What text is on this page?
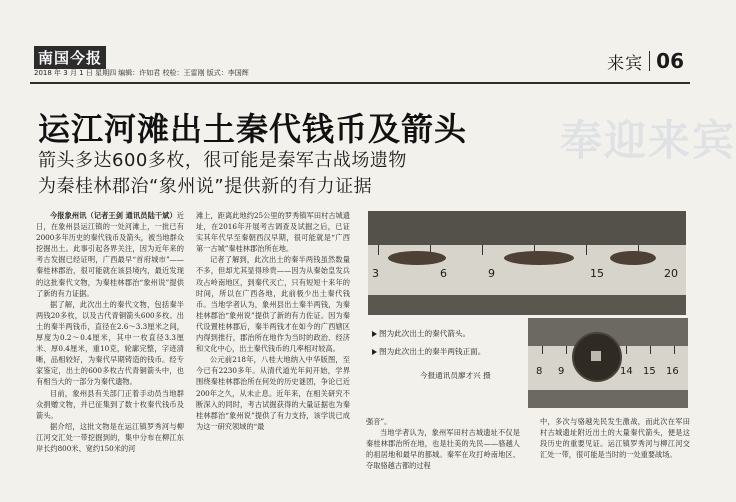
南国今报
2018 年 3 月 1 日 星期四 编辑：许如君 校检：王雷刚 版式：李国辉	来宾 06
奉迎来宾
运江河滩出土秦代钱币及箭头
箭头多达600多枚，很可能是秦军古战场遗物
为秦桂林郡治“象州说”提供新的有力证据

今报象州讯（记者王剑 通讯员陆干斌）近日，在象州县运江镇的一处河滩上，一批已有2000多年历史的秦代钱币及箭头，被当地群众挖掘出土。此事引起各界关注，因为近年来的考古发掘已经证明，广西最早“首府城市”——秦桂林郡治，很可能就在该县境内，最近发现的这批秦代文物，为秦桂林郡治“象州说”提供了新的有力证据。

据了解，此次出土的秦代文物，包括秦半两钱20多枚，以及古代青铜箭头600多枚。出土的秦半两钱币，直径在2.6～3.3厘米之间，厚度为0.2～0.4厘米，其中一枚直径3.3厘米、厚0.4厘米，重10克，轮廓完整，字迹清晰，品相较好，为秦代早期铸造的钱币。经专家鉴定，出土的600多枚古代青铜箭头中，也有相当大的一部分为秦代遗物。

目前，象州县有关部门正着手动员当地群众捐赠文物，并已征集到了数十枚秦代钱币及箭头。

据介绍，这批文物是在运江镇罗秀河与柳江河交汇处一带挖掘到的，集中分布在柳江东岸长约800米、宽约150米的河

滩上，距离此地约25公里的罗秀镇军田村古城遗址，在2016年开展考古调查及试掘之后，已证实其年代早至秦朝西汉早期，很可能就是“广西第一古城”秦桂林郡治所在地。

记者了解到，此次出土的秦半两钱虽然数量不多，但却尤其显得珍贵——因为从秦始皇发兵攻占岭南地区，到秦代灭亡，只有短短十来年的时间，所以在广西各地，此前极少出土秦代钱币。当地学者认为，象州县出土秦半两钱，为秦桂林郡治“象州说”提供了新的有力佐证。因为秦代设置桂林郡后，秦半两钱才在如今的广西辖区内得到推行，郡治所在地作为当时的政治、经济和文化中心，出土秦代钱币的几率相对较高。

公元前218年，八桂大地纳入中华版图，至今已有2230多年。从清代道光年间开始，学界围绕秦桂林郡治所在何处的历史谜团，争论已近200年之久，从未止息。近年来，在相关研究不断深入的同时，考古试掘获得的大量证据也为秦桂林郡治“象州说”提供了有力支持，该学说已成为这一研究领域的“最

3	6	9	15	20
图为此次出土的秦代箭头。
图为此次出土的秦半两钱正面。
今报通讯员廖才兴 摄	8 9	14 15 16

强音”。

当地学者认为，象州军田村古城遗址不仅是秦桂林郡治所在地，也是壮美的先民——骆越人的祖居地和最早的都城。秦军在攻打岭南地区、夺取骆越古都的过程

中，多次与骆越先民发生激战，而此次在军田村古城遗址附近出土的大量秦代箭头，便是这段历史的重要见证。运江镇罗秀河与柳江河交汇处一带，很可能是当时的一处重要战场。
